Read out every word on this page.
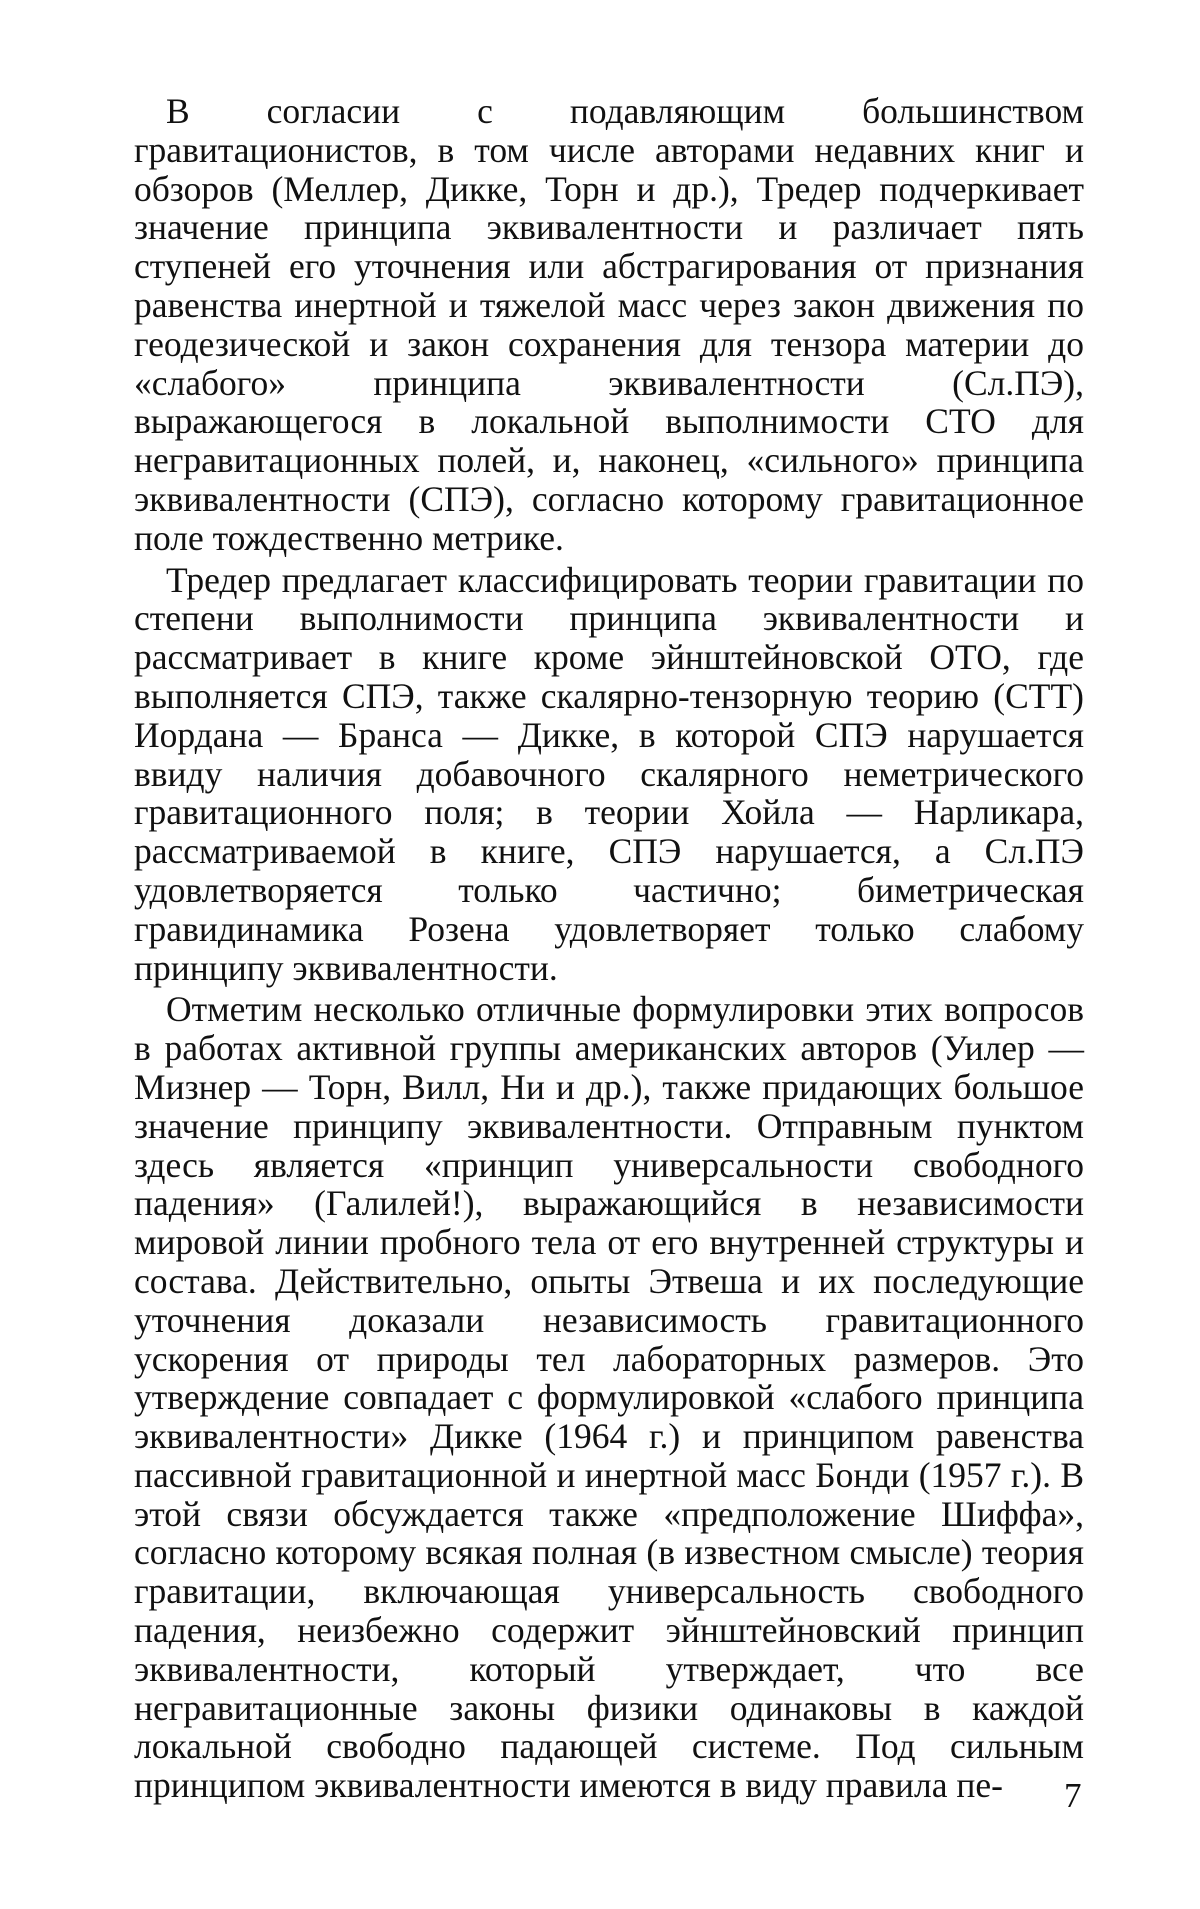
В согласии с подавляющим большинством гравитационистов, в том числе авторами недавних книг и обзоров (Меллер, Дикке, Торн и др.), Тредер подчеркивает значение принципа эквивалентности и различает пять ступеней его уточнения или абстрагирования от признания равенства инертной и тяжелой масс через закон движения по геодезической и закон сохранения для тензора материи до «слабого» принципа эквивалентности (Сл.ПЭ), выражающегося в локальной выполнимости СТО для негравитационных полей, и, наконец, «сильного» принципа эквивалентности (СПЭ), согласно которому гравитационное поле тождественно метрике.

Тредер предлагает классифицировать теории гравитации по степени выполнимости принципа эквивалентности и рассматривает в книге кроме эйнштейновской ОТО, где выполняется СПЭ, также скалярно-тензорную теорию (СТТ) Иордана — Бранса — Дикке, в которой СПЭ нарушается ввиду наличия добавочного скалярного неметрического гравитационного поля; в теории Хойла — Нарликара, рассматриваемой в книге, СПЭ нарушается, а Сл.ПЭ удовлетворяется только частично; биметрическая гравидинамика Розена удовлетворяет только слабому принципу эквивалентности.

Отметим несколько отличные формулировки этих вопросов в работах активной группы американских авторов (Уилер — Мизнер — Торн, Вилл, Ни и др.), также придающих большое значение принципу эквивалентности. Отправным пунктом здесь является «принцип универсальности свободного падения» (Галилей!), выражающийся в независимости мировой линии пробного тела от его внутренней структуры и состава. Действительно, опыты Этвеша и их последующие уточнения доказали независимость гравитационного ускорения от природы тел лабораторных размеров. Это утверждение совпадает с формулировкой «слабого принципа эквивалентности» Дикке (1964 г.) и принципом равенства пассивной гравитационной и инертной масс Бонди (1957 г.). В этой связи обсуждается также «предположение Шиффа», согласно которому всякая полная (в известном смысле) теория гравитации, включающая универсальность свободного падения, неизбежно содержит эйнштейновский принцип эквивалентности, который утверждает, что все негравитационные законы физики одинаковы в каждой локальной свободно падающей системе. Под сильным принципом эквивалентности имеются в виду правила пе-	7
